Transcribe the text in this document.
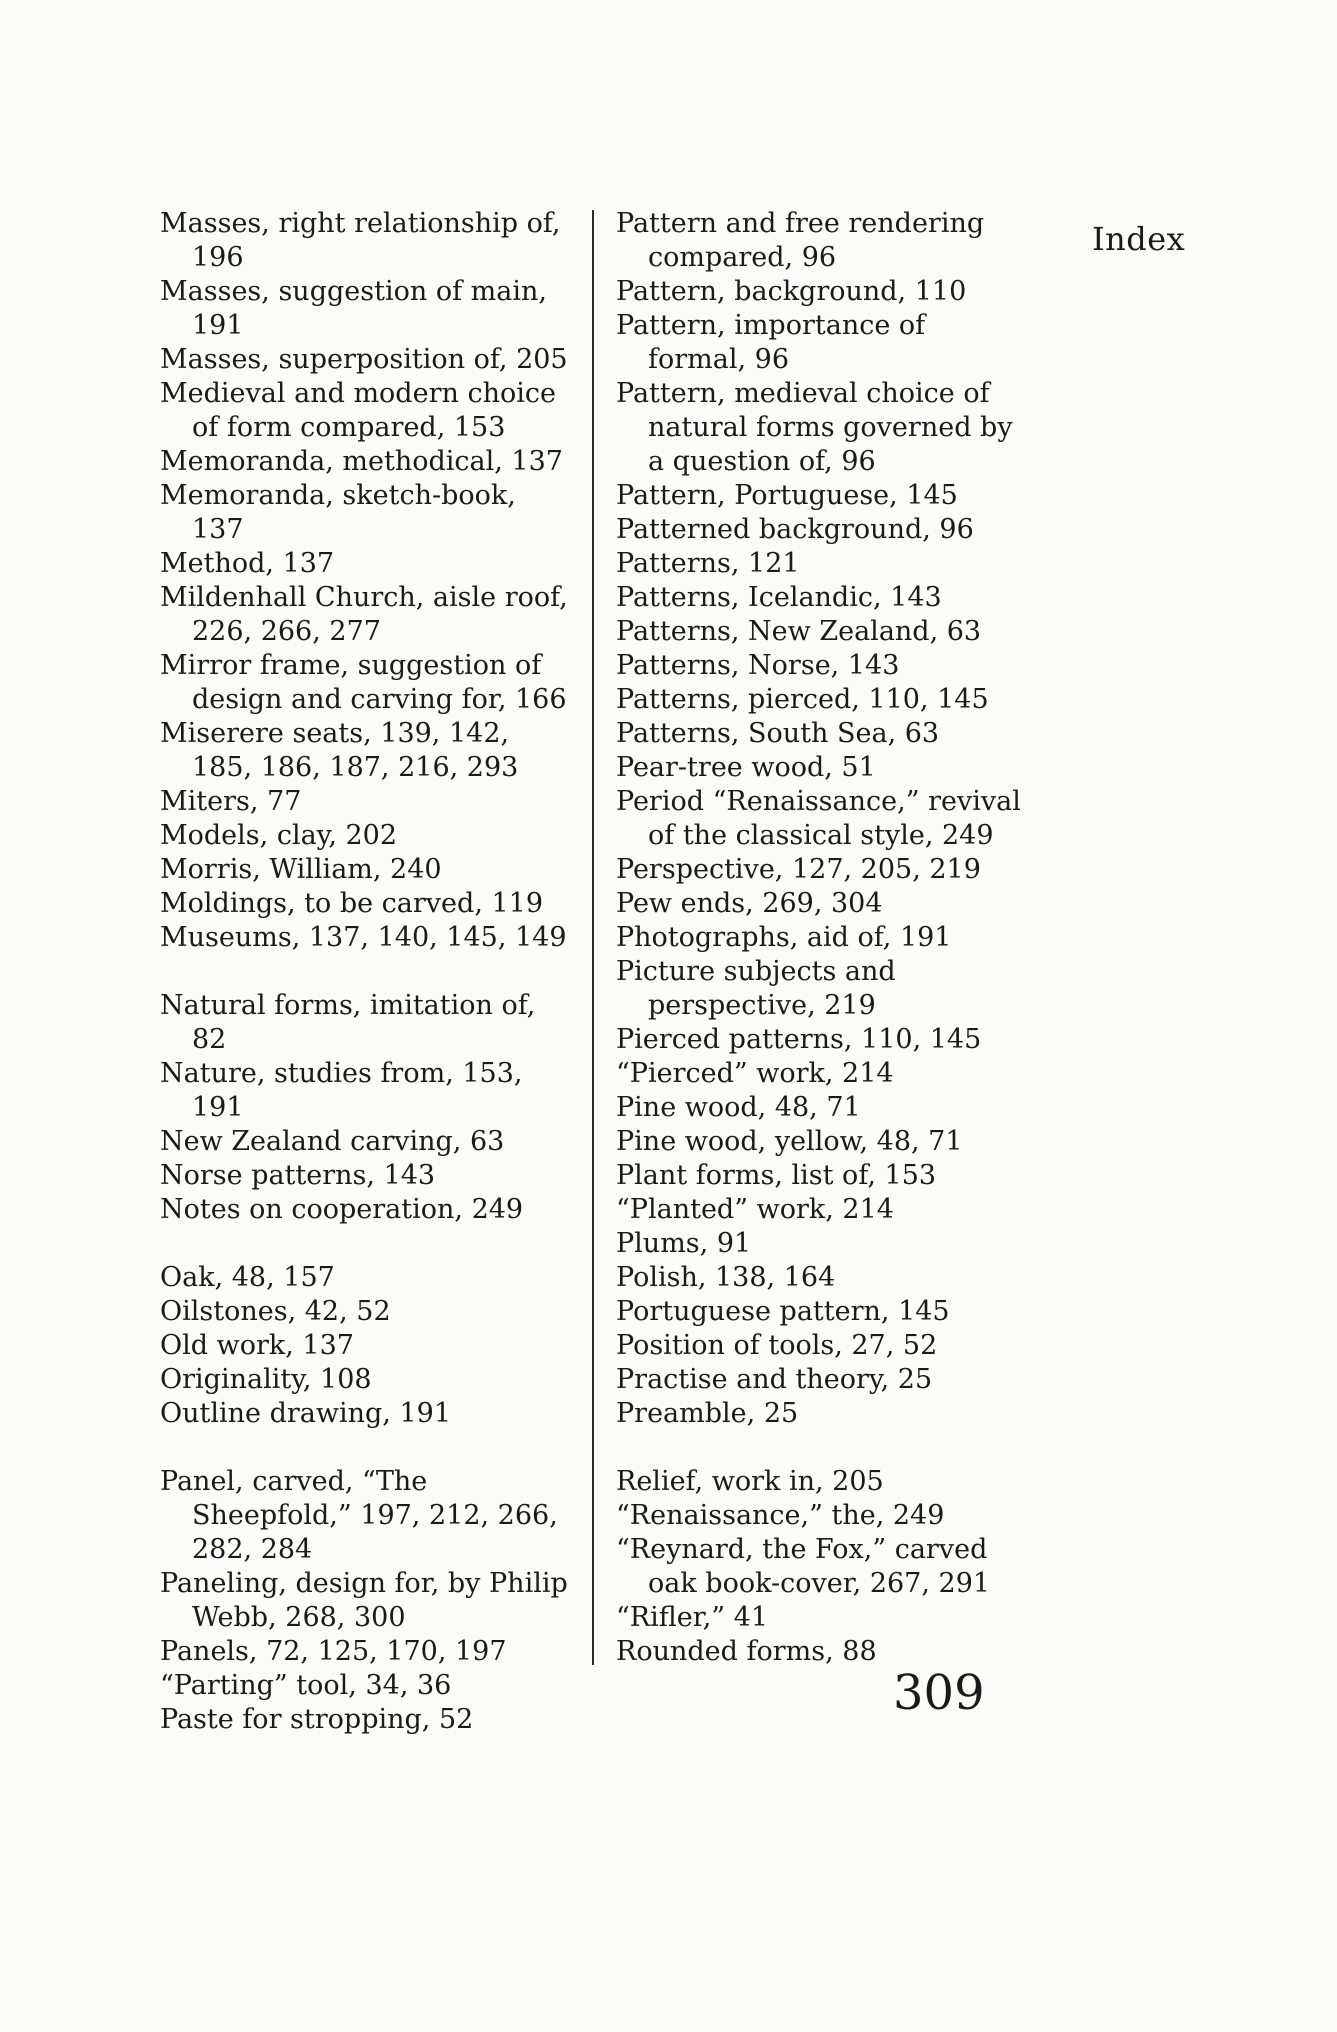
Index
Masses, right relationship of, 196
Masses, suggestion of main, 191
Masses, superposition of, 205
Medieval and modern choice of form compared, 153
Memoranda, methodical, 137
Memoranda, sketch-book, 137
Method, 137
Mildenhall Church, aisle roof, 226, 266, 277
Mirror frame, suggestion of design and carving for, 166
Miserere seats, 139, 142, 185, 186, 187, 216, 293
Miters, 77
Models, clay, 202
Morris, William, 240
Moldings, to be carved, 119
Museums, 137, 140, 145, 149
Natural forms, imitation of, 82
Nature, studies from, 153, 191
New Zealand carving, 63
Norse patterns, 143
Notes on cooperation, 249
Oak, 48, 157
Oilstones, 42, 52
Old work, 137
Originality, 108
Outline drawing, 191
Panel, carved, “The Sheepfold,” 197, 212, 266, 282, 284
Paneling, design for, by Philip Webb, 268, 300
Panels, 72, 125, 170, 197
“Parting” tool, 34, 36
Paste for stropping, 52
Pattern and free rendering compared, 96
Pattern, background, 110
Pattern, importance of formal, 96
Pattern, medieval choice of natural forms governed by a question of, 96
Pattern, Portuguese, 145
Patterned background, 96
Patterns, 121
Patterns, Icelandic, 143
Patterns, New Zealand, 63
Patterns, Norse, 143
Patterns, pierced, 110, 145
Patterns, South Sea, 63
Pear-tree wood, 51
Period “Renaissance,” revival of the classical style, 249
Perspective, 127, 205, 219
Pew ends, 269, 304
Photographs, aid of, 191
Picture subjects and perspective, 219
Pierced patterns, 110, 145
“Pierced” work, 214
Pine wood, 48, 71
Pine wood, yellow, 48, 71
Plant forms, list of, 153
“Planted” work, 214
Plums, 91
Polish, 138, 164
Portuguese pattern, 145
Position of tools, 27, 52
Practise and theory, 25
Preamble, 25
Relief, work in, 205
“Renaissance,” the, 249
“Reynard, the Fox,” carved oak book-cover, 267, 291
“Rifler,” 41
Rounded forms, 88
309
